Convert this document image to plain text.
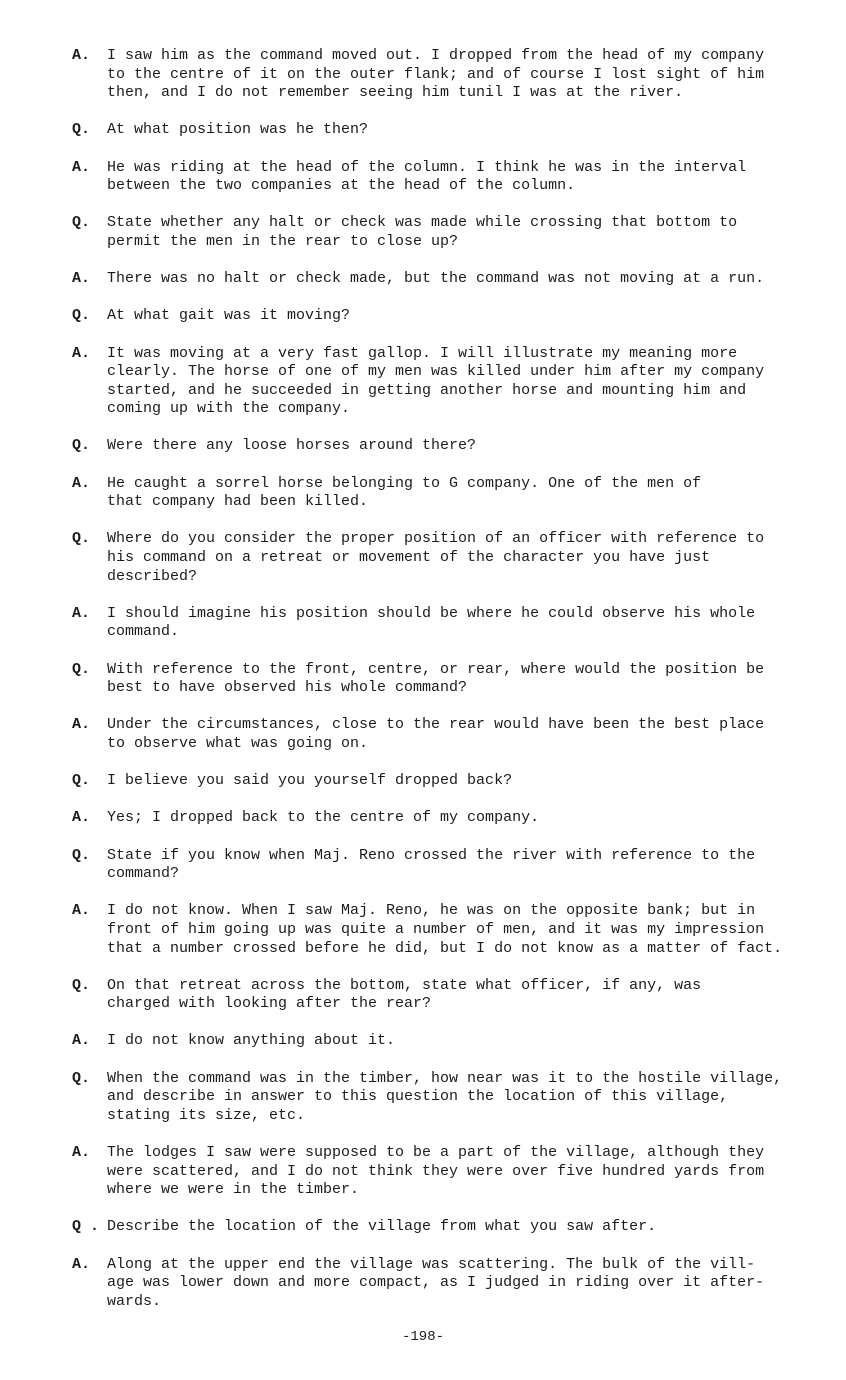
A.	I saw him as the command moved out. I dropped from the head of my company
to the centre of it on the outer flank; and of course I lost sight of him
then, and I do not remember seeing him tunil I was at the river.
Q.	At what position was he then?
A.	He was riding at the head of the column. I think he was in the interval
between the two companies at the head of the column.
Q.	State whether any halt or check was made while crossing that bottom to
permit the men in the rear to close up?
A.	There was no halt or check made, but the command was not moving at a run.
Q.	At what gait was it moving?
A.	It was moving at a very fast gallop. I will illustrate my meaning more
clearly. The horse of one of my men was killed under him after my company
started, and he succeeded in getting another horse and mounting him and
coming up with the company.
Q.	Were there any loose horses around there?
A.	He caught a sorrel horse belonging to G company. One of the men of
that company had been killed.
Q.	Where do you consider the proper position of an officer with reference to
his command on a retreat or movement of the character you have just
described?
A.	I should imagine his position should be where he could observe his whole
command.
Q.	With reference to the front, centre, or rear, where would the position be
best to have observed his whole command?
A.	Under the circumstances, close to the rear would have been the best place
to observe what was going on.
Q.	I believe you said you yourself dropped back?
A.	Yes; I dropped back to the centre of my company.
Q.	State if you know when Maj. Reno crossed the river with reference to the
command?
A.	I do not know. When I saw Maj. Reno, he was on the opposite bank; but in
front of him going up was quite a number of men, and it was my impression
that a number crossed before he did, but I do not know as a matter of fact.
Q.	On that retreat across the bottom, state what officer, if any, was
charged with looking after the rear?
A.	I do not know anything about it.
Q.	When the command was in the timber, how near was it to the hostile village,
and describe in answer to this question the location of this village,
stating its size, etc.
A.	The lodges I saw were supposed to be a part of the village, although they
were scattered, and I do not think they were over five hundred yards from
where we were in the timber.
Q . Describe the location of the village from what you saw after.
A.	Along at the upper end the village was scattering. The bulk of the vill-
age was lower down and more compact, as I judged in riding over it after-
wards.
-198-
